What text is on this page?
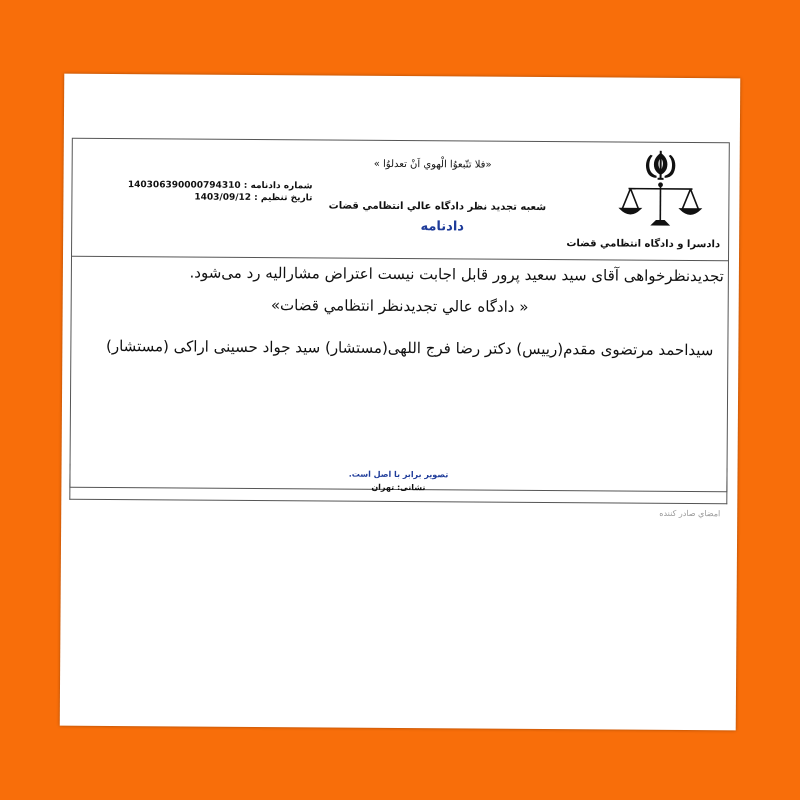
دادسرا و دادگاه انتظامي قضات
«فلا تتّبعوُا الْهوي اَنْ تعدلوُا »
شعبه تجدید نظر دادگاه عالي انتظامي قضات
دادنامه
شماره دادنامه : 140306390000794310
تاریخ تنظیم : 1403/09/12
تجدیدنظرخواهی آقای سید سعید پرور قابل اجابت نیست اعتراض مشارالیه رد می‌شود.
« دادگاه عالي تجديدنظر انتظامي قضات»
سیداحمد مرتضوی مقدم(رییس) دکتر رضا فرج اللهی(مستشار) سید جواد حسینی اراکی (مستشار)
امضاي صادر كننده
تصویر برابر با اصل است.
نشانی: تهران
